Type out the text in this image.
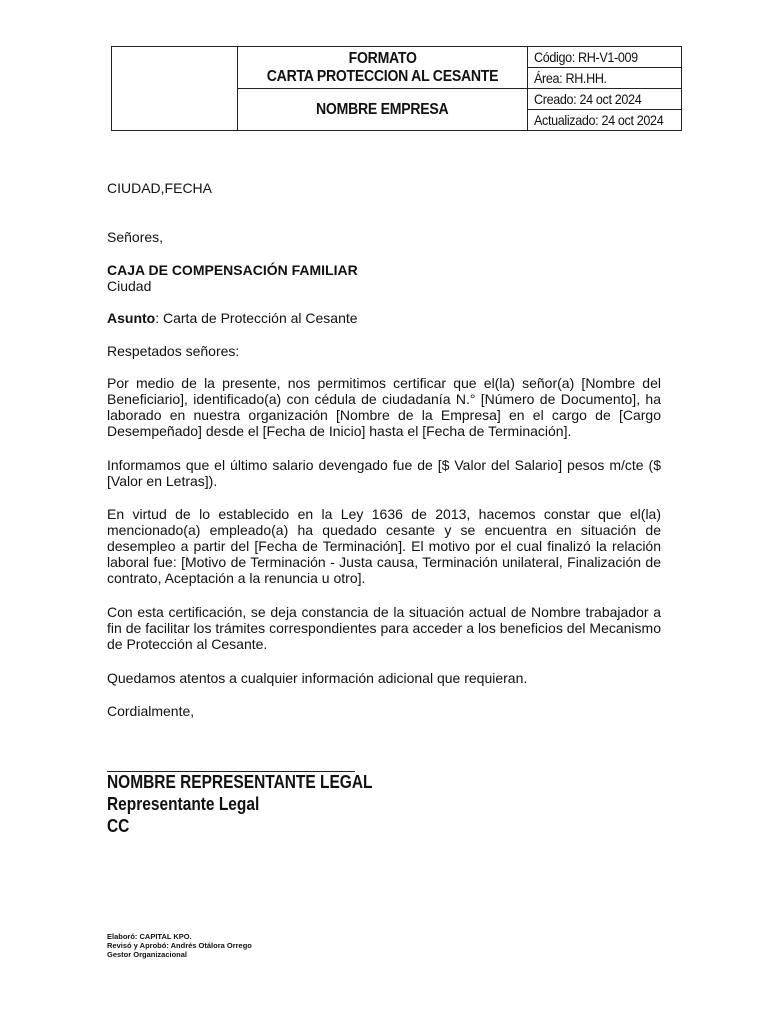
	FORMATO
CARTA PROTECCION AL CESANTE	Código: RH-V1-009
		Área: RH.HH.
	NOMBRE EMPRESA	Creado: 24 oct 2024
		Actualizado: 24 oct 2024
CIUDAD,FECHA
Señores,
CAJA DE COMPENSACIÓN FAMILIAR
Ciudad
Asunto: Carta de Protección al Cesante
Respetados señores:

Por medio de la presente, nos permitimos certificar que el(la) señor(a) [Nombre del Beneficiario], identificado(a) con cédula de ciudadanía N.° [Número de Documento], ha laborado en nuestra organización [Nombre de la Empresa] en el cargo de [Cargo Desempeñado] desde el [Fecha de Inicio] hasta el [Fecha de Terminación].

Informamos que el último salario devengado fue de [$ Valor del Salario] pesos m/cte ($ [Valor en Letras]).

En virtud de lo establecido en la Ley 1636 de 2013, hacemos constar que el(la) mencionado(a) empleado(a) ha quedado cesante y se encuentra en situación de desempleo a partir del [Fecha de Terminación]. El motivo por el cual finalizó la relación laboral fue: [Motivo de Terminación - Justa causa, Terminación unilateral, Finalización de contrato, Aceptación a la renuncia u otro].

Con esta certificación, se deja constancia de la situación actual de Nombre trabajador a fin de facilitar los trámites correspondientes para acceder a los beneficios del Mecanismo de Protección al Cesante.

Quedamos atentos a cualquier información adicional que requieran.

Cordialmente,
NOMBRE REPRESENTANTE LEGAL
Representante Legal
CC
Elaboró: CAPITAL KPO.
Revisó y Aprobó: Andrés Otálora Orrego
Gestor Organizacional
